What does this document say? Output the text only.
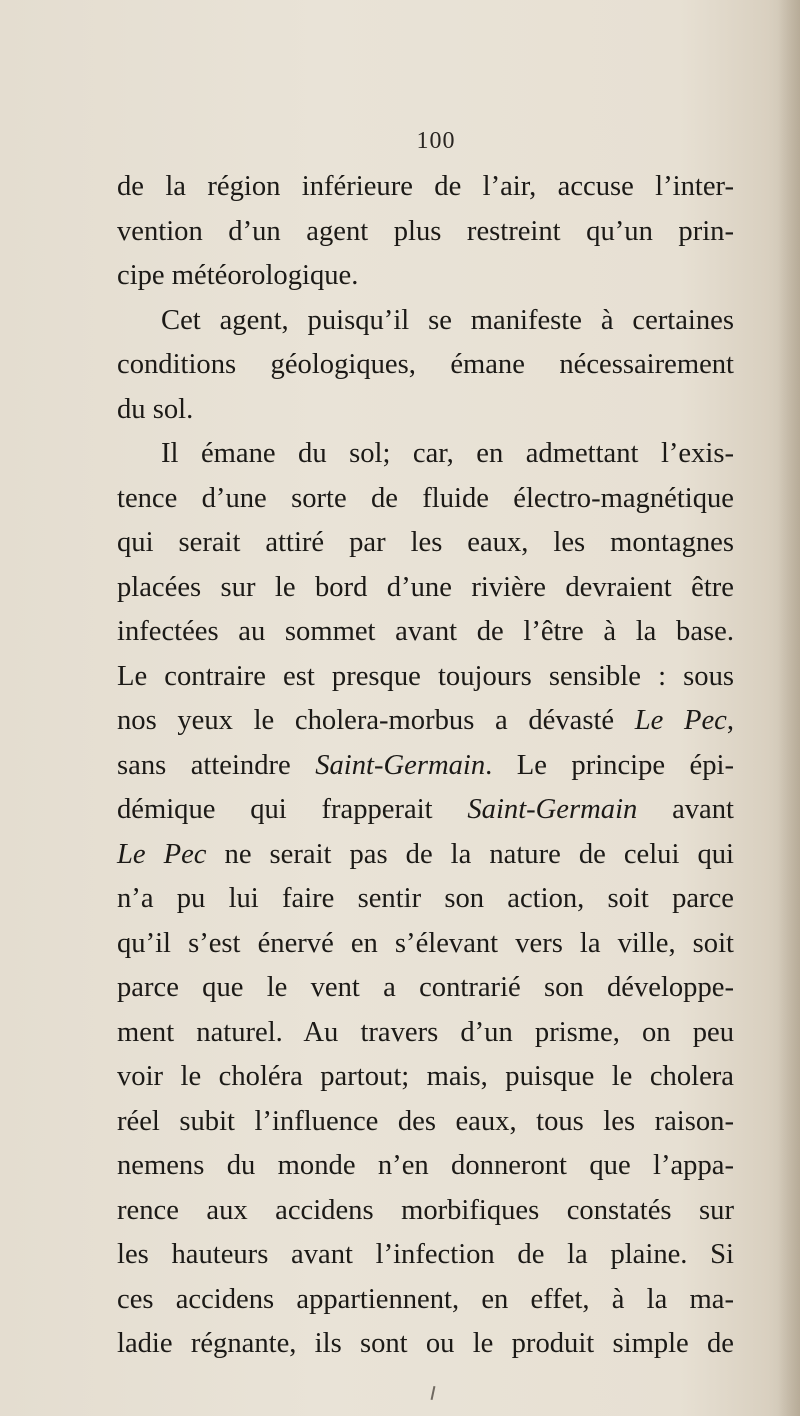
100
de la région inférieure de l’air, accuse l’inter-
vention d’un agent plus restreint qu’un prin-
cipe météorologique.
Cet agent, puisqu’il se manifeste à certaines
conditions géologiques, émane nécessairement
du sol.
Il émane du sol; car, en admettant l’exis-
tence d’une sorte de fluide électro-magnétique
qui serait attiré par les eaux, les montagnes
placées sur le bord d’une rivière devraient être
infectées au sommet avant de l’être à la base.
Le contraire est presque toujours sensible : sous
nos yeux le cholera-morbus a dévasté Le Pec,
sans atteindre Saint-Germain. Le principe épi-
démique qui frapperait Saint-Germain avant
Le Pec ne serait pas de la nature de celui qui
n’a pu lui faire sentir son action, soit parce
qu’il s’est énervé en s’élevant vers la ville, soit
parce que le vent a contrarié son développe-
ment naturel. Au travers d’un prisme, on peu
voir le choléra partout; mais, puisque le cholera
réel subit l’influence des eaux, tous les raison-
nemens du monde n’en donneront que l’appa-
rence aux accidens morbifiques constatés sur
les hauteurs avant l’infection de la plaine. Si
ces accidens appartiennent, en effet, à la ma-
ladie régnante, ils sont ou le produit simple de
